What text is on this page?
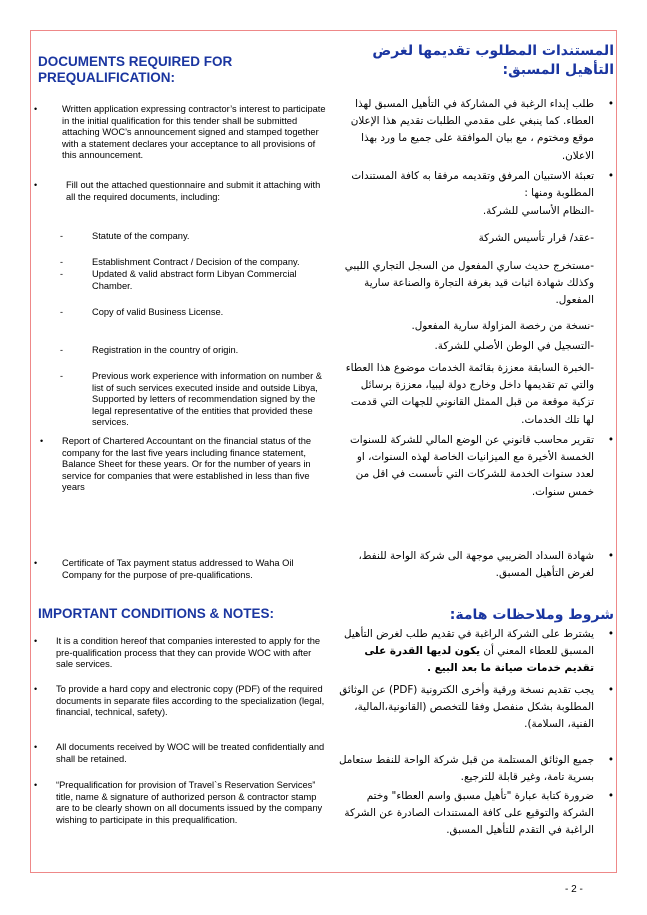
DOCUMENTS REQUIRED FOR PREQUALIFICATION:
•	Written application expressing contractor’s interest to participate in the initial qualification for this tender shall be submitted attaching WOC’s announcement signed and stamped together with a statement declares your acceptance to all provisions of this announcement.
•	Fill out the attached questionnaire and submit it attaching with all the required documents, including:
-	Statute of the company.
-	Establishment Contract / Decision of the company.
-	Updated & valid abstract form Libyan Commercial Chamber.
-	Copy of valid Business License.
-	Registration in the country of origin.
-	Previous work experience with information on number & list of such services executed inside and outside Libya, Supported by letters of recommendation signed by the legal representative of the entities that provided these services.
• Report of Chartered Accountant on the financial status of the company for the last five years including finance statement, Balance Sheet for these years. Or for the number of years in service for companies that were established in less than five years
•	Certificate of Tax payment status addressed to Waha Oil Company for the purpose of pre-qualifications.
IMPORTANT CONDITIONS & NOTES:
• It is a condition hereof that companies interested to apply for the pre-qualification process that they can provide WOC with after sale services.
• To provide a hard copy and electronic copy (PDF) of the required documents in separate files according to the specialization (legal, financial, technical, safety).
• All documents received by WOC will be treated confidentially and shall be retained.
• “Prequalification for provision of Travel`s Reservation Services” title, name & signature of authorized person & contractor stamp are to be clearly shown on all documents issued by the company wishing to participate in this prequalification.
المستندات المطلوب تقديمها لغرض التأهيل المسبق:
•
طلب إبداء الرغبة في المشاركة في التأهيل المسبق لهذا العطاء. كما ينبغي على مقدمي الطلبات تقديم هذا الإعلان موقع ومختوم ، مع بيان الموافقة على جميع ما ورد بهذا الاعلان.
•
تعبئة الاستبيان المرفق وتقديمه مرفقا به كافة المستندات المطلوبة ومنها :
-النظام الأساسي للشركة.
-عقد/ قرار تأسيس الشركة
-مستخرج حديث ساري المفعول من السجل التجاري الليبي وكذلك شهادة اثبات قيد بغرفة التجارة والصناعة سارية المفعول.
-نسخة من رخصة المزاولة سارية المفعول.
-التسجيل في الوطن الأصلي للشركة.
-الخبرة السابقة معززة بقائمة الخدمات موضوع هذا العطاء والتي تم تقديمها داخل وخارج دولة ليبيا، معززة برسائل تزكية موقعة من قبل الممثل القانوني للجهات التي قدمت لها تلك الخدمات.
•
تقرير محاسب قانوني عن الوضع المالي للشركة للسنوات الخمسة الأخيرة مع الميزانيات الخاصة لهذه السنوات، او لعدد سنوات الخدمة للشركات التي تأسست في اقل من خمس سنوات.
•
شهادة السداد الضريبي موجهة الى شركة الواحة للنفط، لغرض التأهيل المسبق.
شروط وملاحظات هامة:
•
يشترط على الشركة الراغبة في تقديم طلب لغرض التأهيل المسبق للعطاء المعني أن يكون لديها القدرة على تقديم خدمات صيانة ما بعد البيع .
•
يجب تقديم نسخة ورقية وأخرى الكترونية (PDF) عن الوثائق المطلوبة بشكل منفصل وفقا للتخصص (القانونية،المالية، الفنية، السلامة).
•
جميع الوثائق المستلمة من قبل شركة الواحة للنفط ستعامل بسرية تامة، وغير قابلة للترجيع.
•
ضرورة كتابة عبارة "تأهيل مسبق واسم العطاء" وختم الشركة والتوقيع على كافة المستندات الصادرة عن الشركة الراغبة في التقدم للتأهيل المسبق.
- 2 -
